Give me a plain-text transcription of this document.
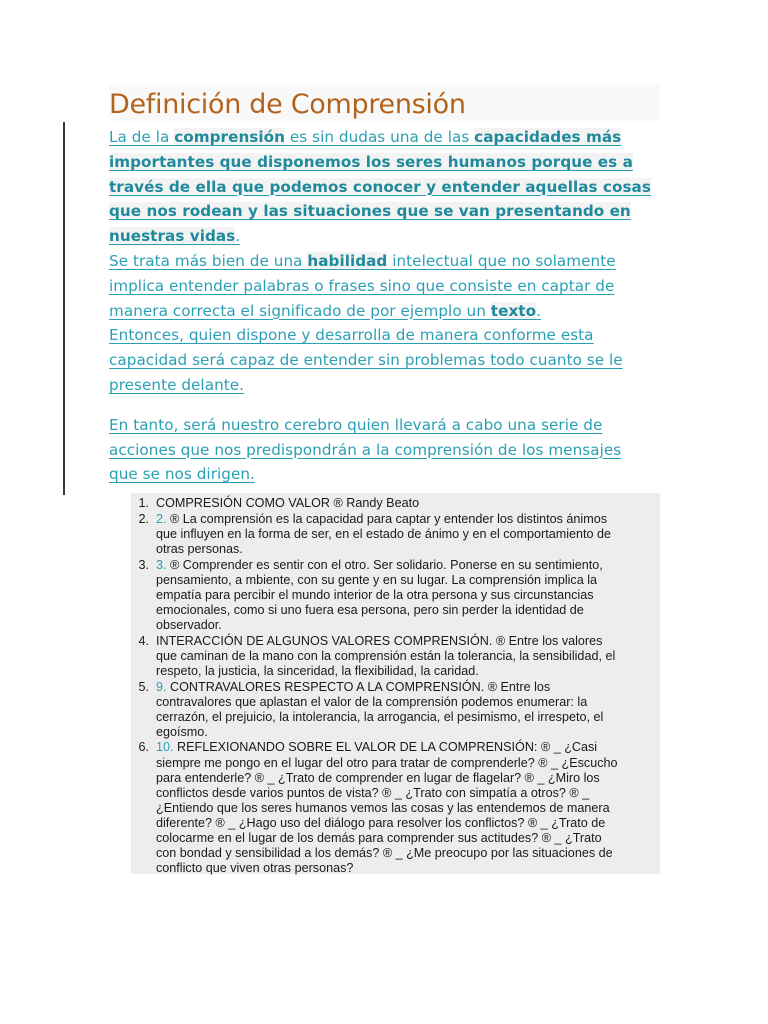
Definición de Comprensión
La de la comprensión es sin dudas una de las capacidades más
importantes que disponemos los seres humanos porque es a
través de ella que podemos conocer y entender aquellas cosas
que nos rodean y las situaciones que se van presentando en
nuestras vidas.
Se trata más bien de una habilidad intelectual que no solamente
implica entender palabras o frases sino que consiste en captar de
manera correcta el significado de por ejemplo un texto.
Entonces, quien dispone y desarrolla de manera conforme esta
capacidad será capaz de entender sin problemas todo cuanto se le
presente delante.
En tanto, será nuestro cerebro quien llevará a cabo una serie de
acciones que nos predispondrán a la comprensión de los mensajes
que se nos dirigen.
1. COMPRESIÓN COMO VALOR ® Randy Beato
2. 2. ® La comprensión es la capacidad para captar y entender los distintos ánimos
que influyen en la forma de ser, en el estado de ánimo y en el comportamiento de
otras personas.
3. 3. ® Comprender es sentir con el otro. Ser solidario. Ponerse en su sentimiento,
pensamiento, a mbiente, con su gente y en su lugar. La comprensión implica la
empatía para percibir el mundo interior de la otra persona y sus circunstancias
emocionales, como si uno fuera esa persona, pero sin perder la identidad de
observador.
4. INTERACCIÓN DE ALGUNOS VALORES COMPRENSIÓN. ® Entre los valores
que caminan de la mano con la comprensión están la tolerancia, la sensibilidad, el
respeto, la justicia, la sinceridad, la flexibilidad, la caridad.
5. 9. CONTRAVALORES RESPECTO A LA COMPRENSIÓN. ® Entre los
contravalores que aplastan el valor de la comprensión podemos enumerar: la
cerrazón, el prejuicio, la intolerancia, la arrogancia, el pesimismo, el irrespeto, el
egoísmo.
6. 10. REFLEXIONANDO SOBRE EL VALOR DE LA COMPRENSIÓN: ® _ ¿Casi
siempre me pongo en el lugar del otro para tratar de comprenderle? ® _ ¿Escucho
para entenderle? ® _ ¿Trato de comprender en lugar de flagelar? ® _ ¿Miro los
conflictos desde varios puntos de vista? ® _ ¿Trato con simpatía a otros? ® _
¿Entiendo que los seres humanos vemos las cosas y las entendemos de manera
diferente? ® _ ¿Hago uso del diálogo para resolver los conflictos? ® _ ¿Trato de
colocarme en el lugar de los demás para comprender sus actitudes? ® _ ¿Trato
con bondad y sensibilidad a los demás? ® _ ¿Me preocupo por las situaciones de
conflicto que viven otras personas?
